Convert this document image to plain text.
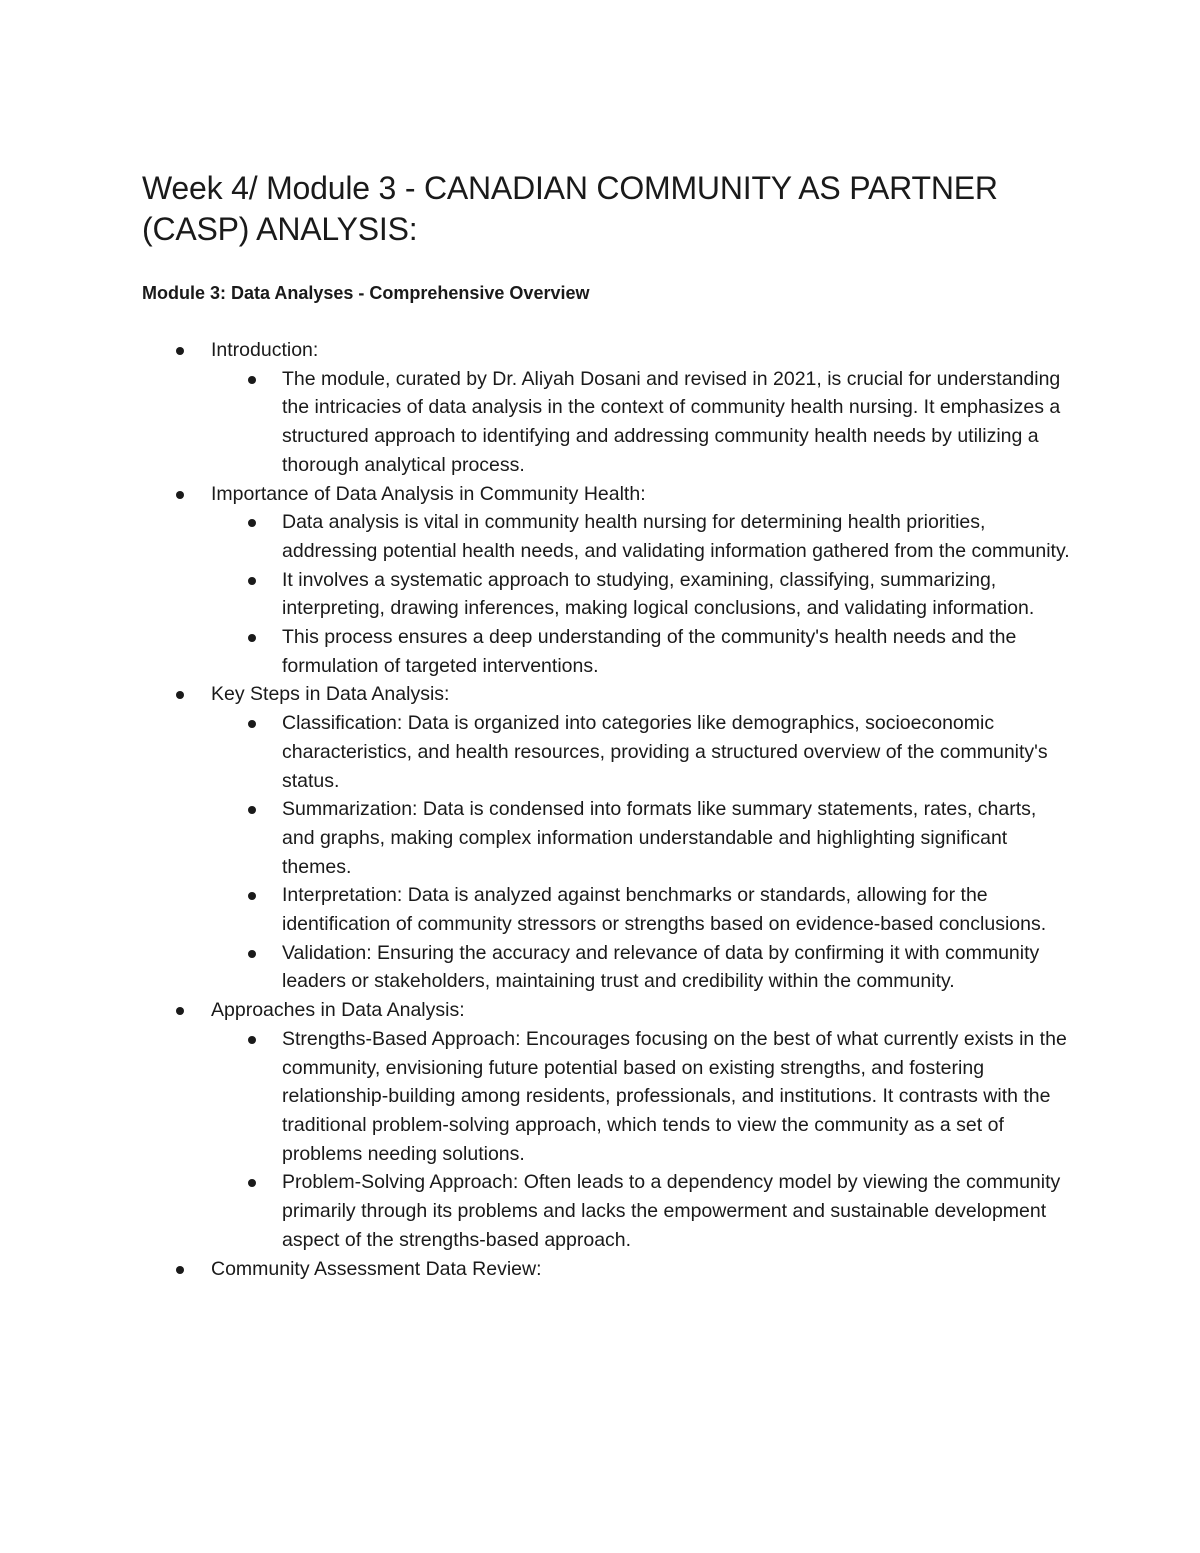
Week 4/ Module 3 - CANADIAN COMMUNITY AS PARTNER (CASP) ANALYSIS:
Module 3: Data Analyses - Comprehensive Overview
Introduction:
The module, curated by Dr. Aliyah Dosani and revised in 2021, is crucial for understanding the intricacies of data analysis in the context of community health nursing. It emphasizes a structured approach to identifying and addressing community health needs by utilizing a thorough analytical process.
Importance of Data Analysis in Community Health:
Data analysis is vital in community health nursing for determining health priorities, addressing potential health needs, and validating information gathered from the community.
It involves a systematic approach to studying, examining, classifying, summarizing, interpreting, drawing inferences, making logical conclusions, and validating information.
This process ensures a deep understanding of the community's health needs and the formulation of targeted interventions.
Key Steps in Data Analysis:
Classification: Data is organized into categories like demographics, socioeconomic characteristics, and health resources, providing a structured overview of the community's status.
Summarization: Data is condensed into formats like summary statements, rates, charts, and graphs, making complex information understandable and highlighting significant themes.
Interpretation: Data is analyzed against benchmarks or standards, allowing for the identification of community stressors or strengths based on evidence-based conclusions.
Validation: Ensuring the accuracy and relevance of data by confirming it with community leaders or stakeholders, maintaining trust and credibility within the community.
Approaches in Data Analysis:
Strengths-Based Approach: Encourages focusing on the best of what currently exists in the community, envisioning future potential based on existing strengths, and fostering relationship-building among residents, professionals, and institutions. It contrasts with the traditional problem-solving approach, which tends to view the community as a set of problems needing solutions.
Problem-Solving Approach: Often leads to a dependency model by viewing the community primarily through its problems and lacks the empowerment and sustainable development aspect of the strengths-based approach.
Community Assessment Data Review:
